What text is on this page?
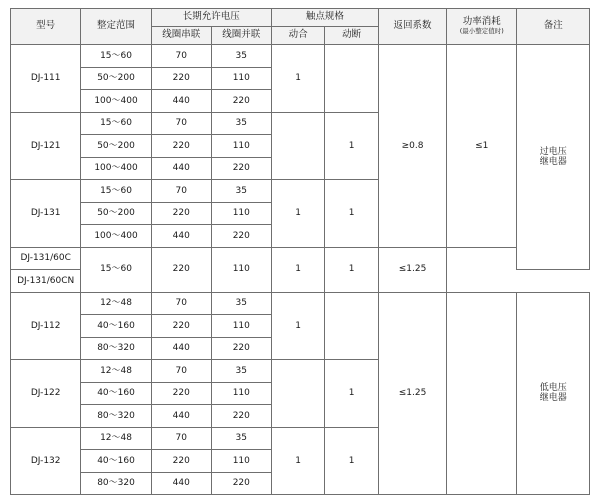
型号	整定范围	长期允许电压		触点规格		返回系数	功率消耗
(最小整定值时)	备注
		线圈串联	线圈并联	动合	动断			
DJ-111	15～60	70	35	1		≥0.8	≤1	过电压
继电器
	50～200	220	110					
	100～400	440	220					
DJ-121	15～60	70	35		1			
	50～200	220	110					
	100～400	440	220					
DJ-131	15～60	70	35	1	1			
	50～200	220	110					
	100～400	440	220					
DJ-131/60C	15～60	220	110	1	1	≤1.25		
DJ-131/60CN								
DJ-112	12～48	70	35	1		≤1.25		低电压
继电器
	40～160	220	110					
	80～320	440	220					
DJ-122	12～48	70	35		1			
	40～160	220	110					
	80～320	440	220					
DJ-132	12～48	70	35	1	1			
	40～160	220	110					
	80～320	440	220					
